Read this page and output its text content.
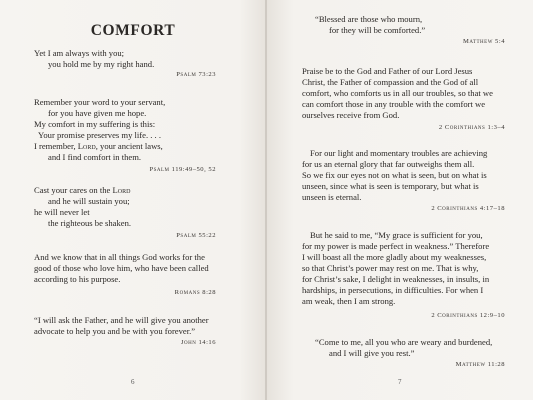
COMFORT
Yet I am always with you;
you hold me by my right hand.
Psalm 73:23
Remember your word to your servant,
for you have given me hope.
My comfort in my suffering is this:
Your promise preserves my life. . . .
I remember, Lord, your ancient laws,
and I find comfort in them.
Psalm 119:49–50, 52
Cast your cares on the Lord
and he will sustain you;
he will never let
the righteous be shaken.
Psalm 55:22
And we know that in all things God works for the
good of those who love him, who have been called
according to his purpose.
Romans 8:28
“I will ask the Father, and he will give you another
advocate to help you and be with you forever.”
John 14:16
6
“Blessed are those who mourn,
for they will be comforted.”
Matthew 5:4
Praise be to the God and Father of our Lord Jesus
Christ, the Father of compassion and the God of all
comfort, who comforts us in all our troubles, so that we
can comfort those in any trouble with the comfort we
ourselves receive from God.
2 Corinthians 1:3–4
For our light and momentary troubles are achieving
for us an eternal glory that far outweighs them all.
So we fix our eyes not on what is seen, but on what is
unseen, since what is seen is temporary, but what is
unseen is eternal.
2 Corinthians 4:17–18
But he said to me, “My grace is sufficient for you,
for my power is made perfect in weakness.” Therefore
I will boast all the more gladly about my weaknesses,
so that Christ’s power may rest on me. That is why,
for Christ’s sake, I delight in weaknesses, in insults, in
hardships, in persecutions, in difficulties. For when I
am weak, then I am strong.
2 Corinthians 12:9–10
“Come to me, all you who are weary and burdened,
and I will give you rest.”
Matthew 11:28
7
